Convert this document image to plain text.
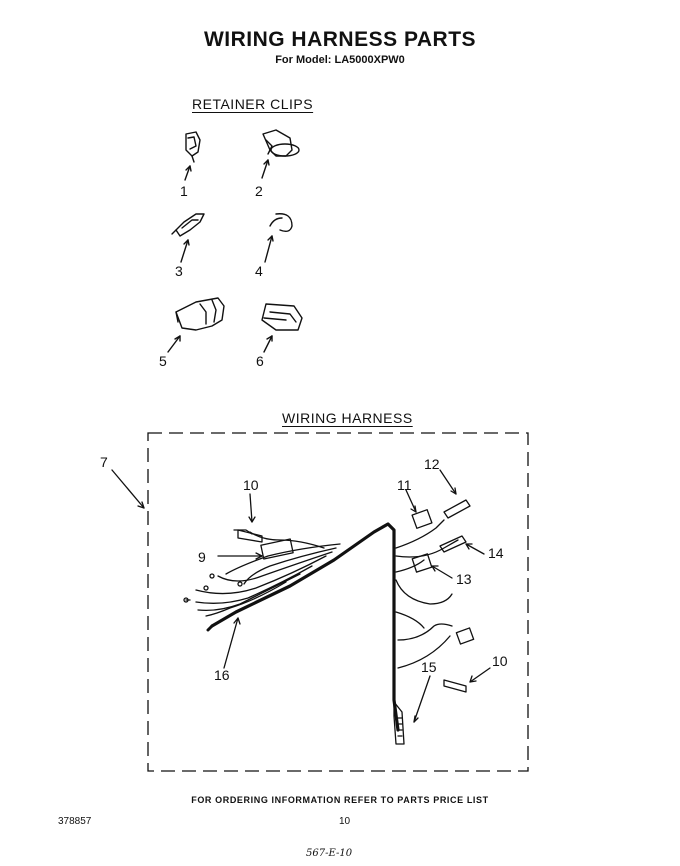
WIRING HARNESS PARTS
For Model: LA5000XPW0
RETAINER CLIPS
1	2
3	4
5	6
WIRING HARNESS
7
9
10
10
11
12
13
14
15
16
FOR ORDERING INFORMATION REFER TO PARTS PRICE LIST
378857	10
567-E-10
